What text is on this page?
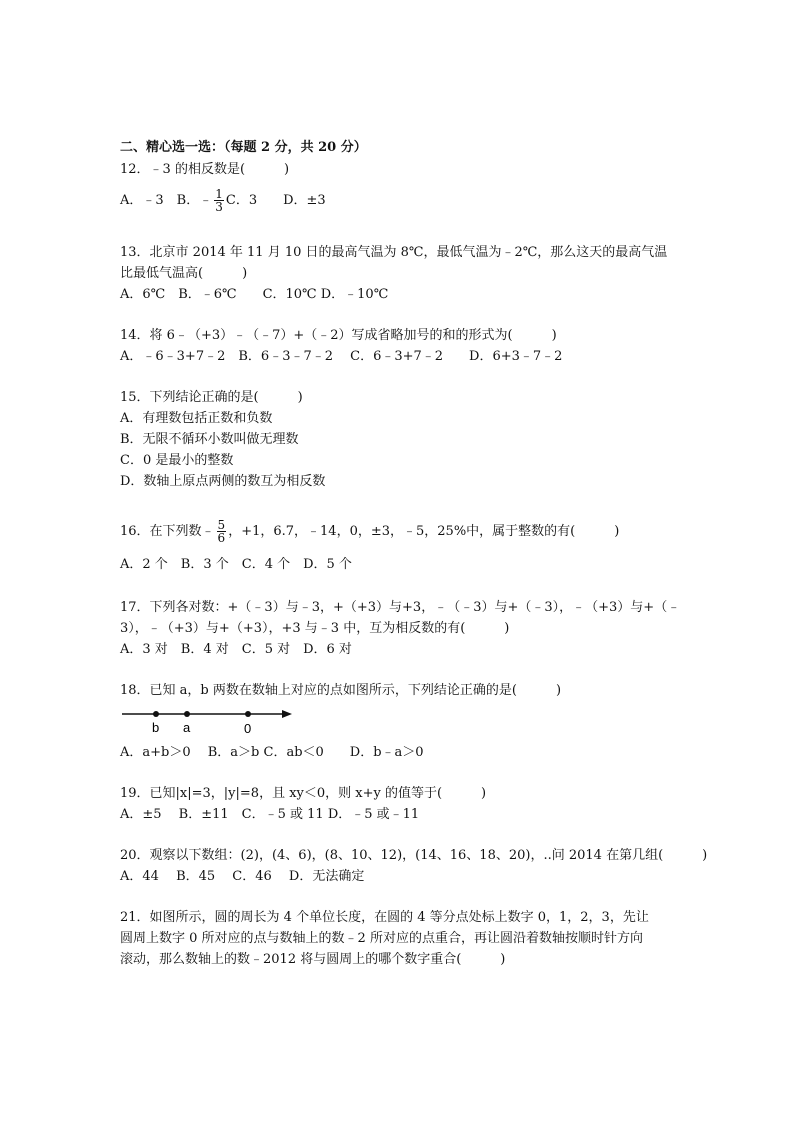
二、精心选一选：（每题 2 分，共 20 分）
12．﹣3 的相反数是(　　　)
A．﹣3　B．﹣ $\frac{1}{3}$ C．3　　D．±3
13．北京市 2014 年 11 月 10 日的最高气温为 8℃，最低气温为﹣2℃，那么这天的最高气温
比最低气温高(　　　)
A．6℃　B．﹣6℃　　C．10℃ D．﹣10℃
14．将 6﹣（+3）﹣（﹣7）+（﹣2）写成省略加号的和的形式为(　　　)
A．﹣6﹣3+7﹣2　B．6﹣3﹣7﹣2　 C．6﹣3+7﹣2　　D．6+3﹣7﹣2
15．下列结论正确的是(　　　)
A．有理数包括正数和负数
B．无限不循环小数叫做无理数
C．0 是最小的整数
D．数轴上原点两侧的数互为相反数
16．在下列数﹣ $\frac{5}{6}$ ，+1，6.7，﹣14，0，±3，﹣5，25%中，属于整数的有(　　　)
A．2 个　B．3 个　C．4 个　D．5 个
17．下列各对数：+（﹣3）与﹣3，+（+3）与+3，﹣（﹣3）与+（﹣3），﹣（+3）与+（﹣
3），﹣（+3）与+（+3），+3 与﹣3 中，互为相反数的有(　　　)
A．3 对　B．4 对　C．5 对　D．6 对
18．已知 a，b 两数在数轴上对应的点如图所示，下列结论正确的是(　　　)
b a	0
A．a+b＞0　 B．a＞b C．ab＜0　　D．b﹣a＞0
19．已知|x|=3，|y|=8，且 xy＜0，则 x+y 的值等于(　　　)
A．±5　 B．±11　C．﹣5 或 11 D．﹣5 或﹣11
20．观察以下数组：(2)，(4、6)，(8、10、12)，(14、16、18、20)，..问 2014 在第几组(　　　)
A．44　 B．45　 C．46　 D．无法确定
21．如图所示，圆的周长为 4 个单位长度，在圆的 4 等分点处标上数字 0，1，2，3，先让
圆周上数字 0 所对应的点与数轴上的数﹣2 所对应的点重合，再让圆沿着数轴按顺时针方向
滚动，那么数轴上的数﹣2012 将与圆周上的哪个数字重合(　　　)
